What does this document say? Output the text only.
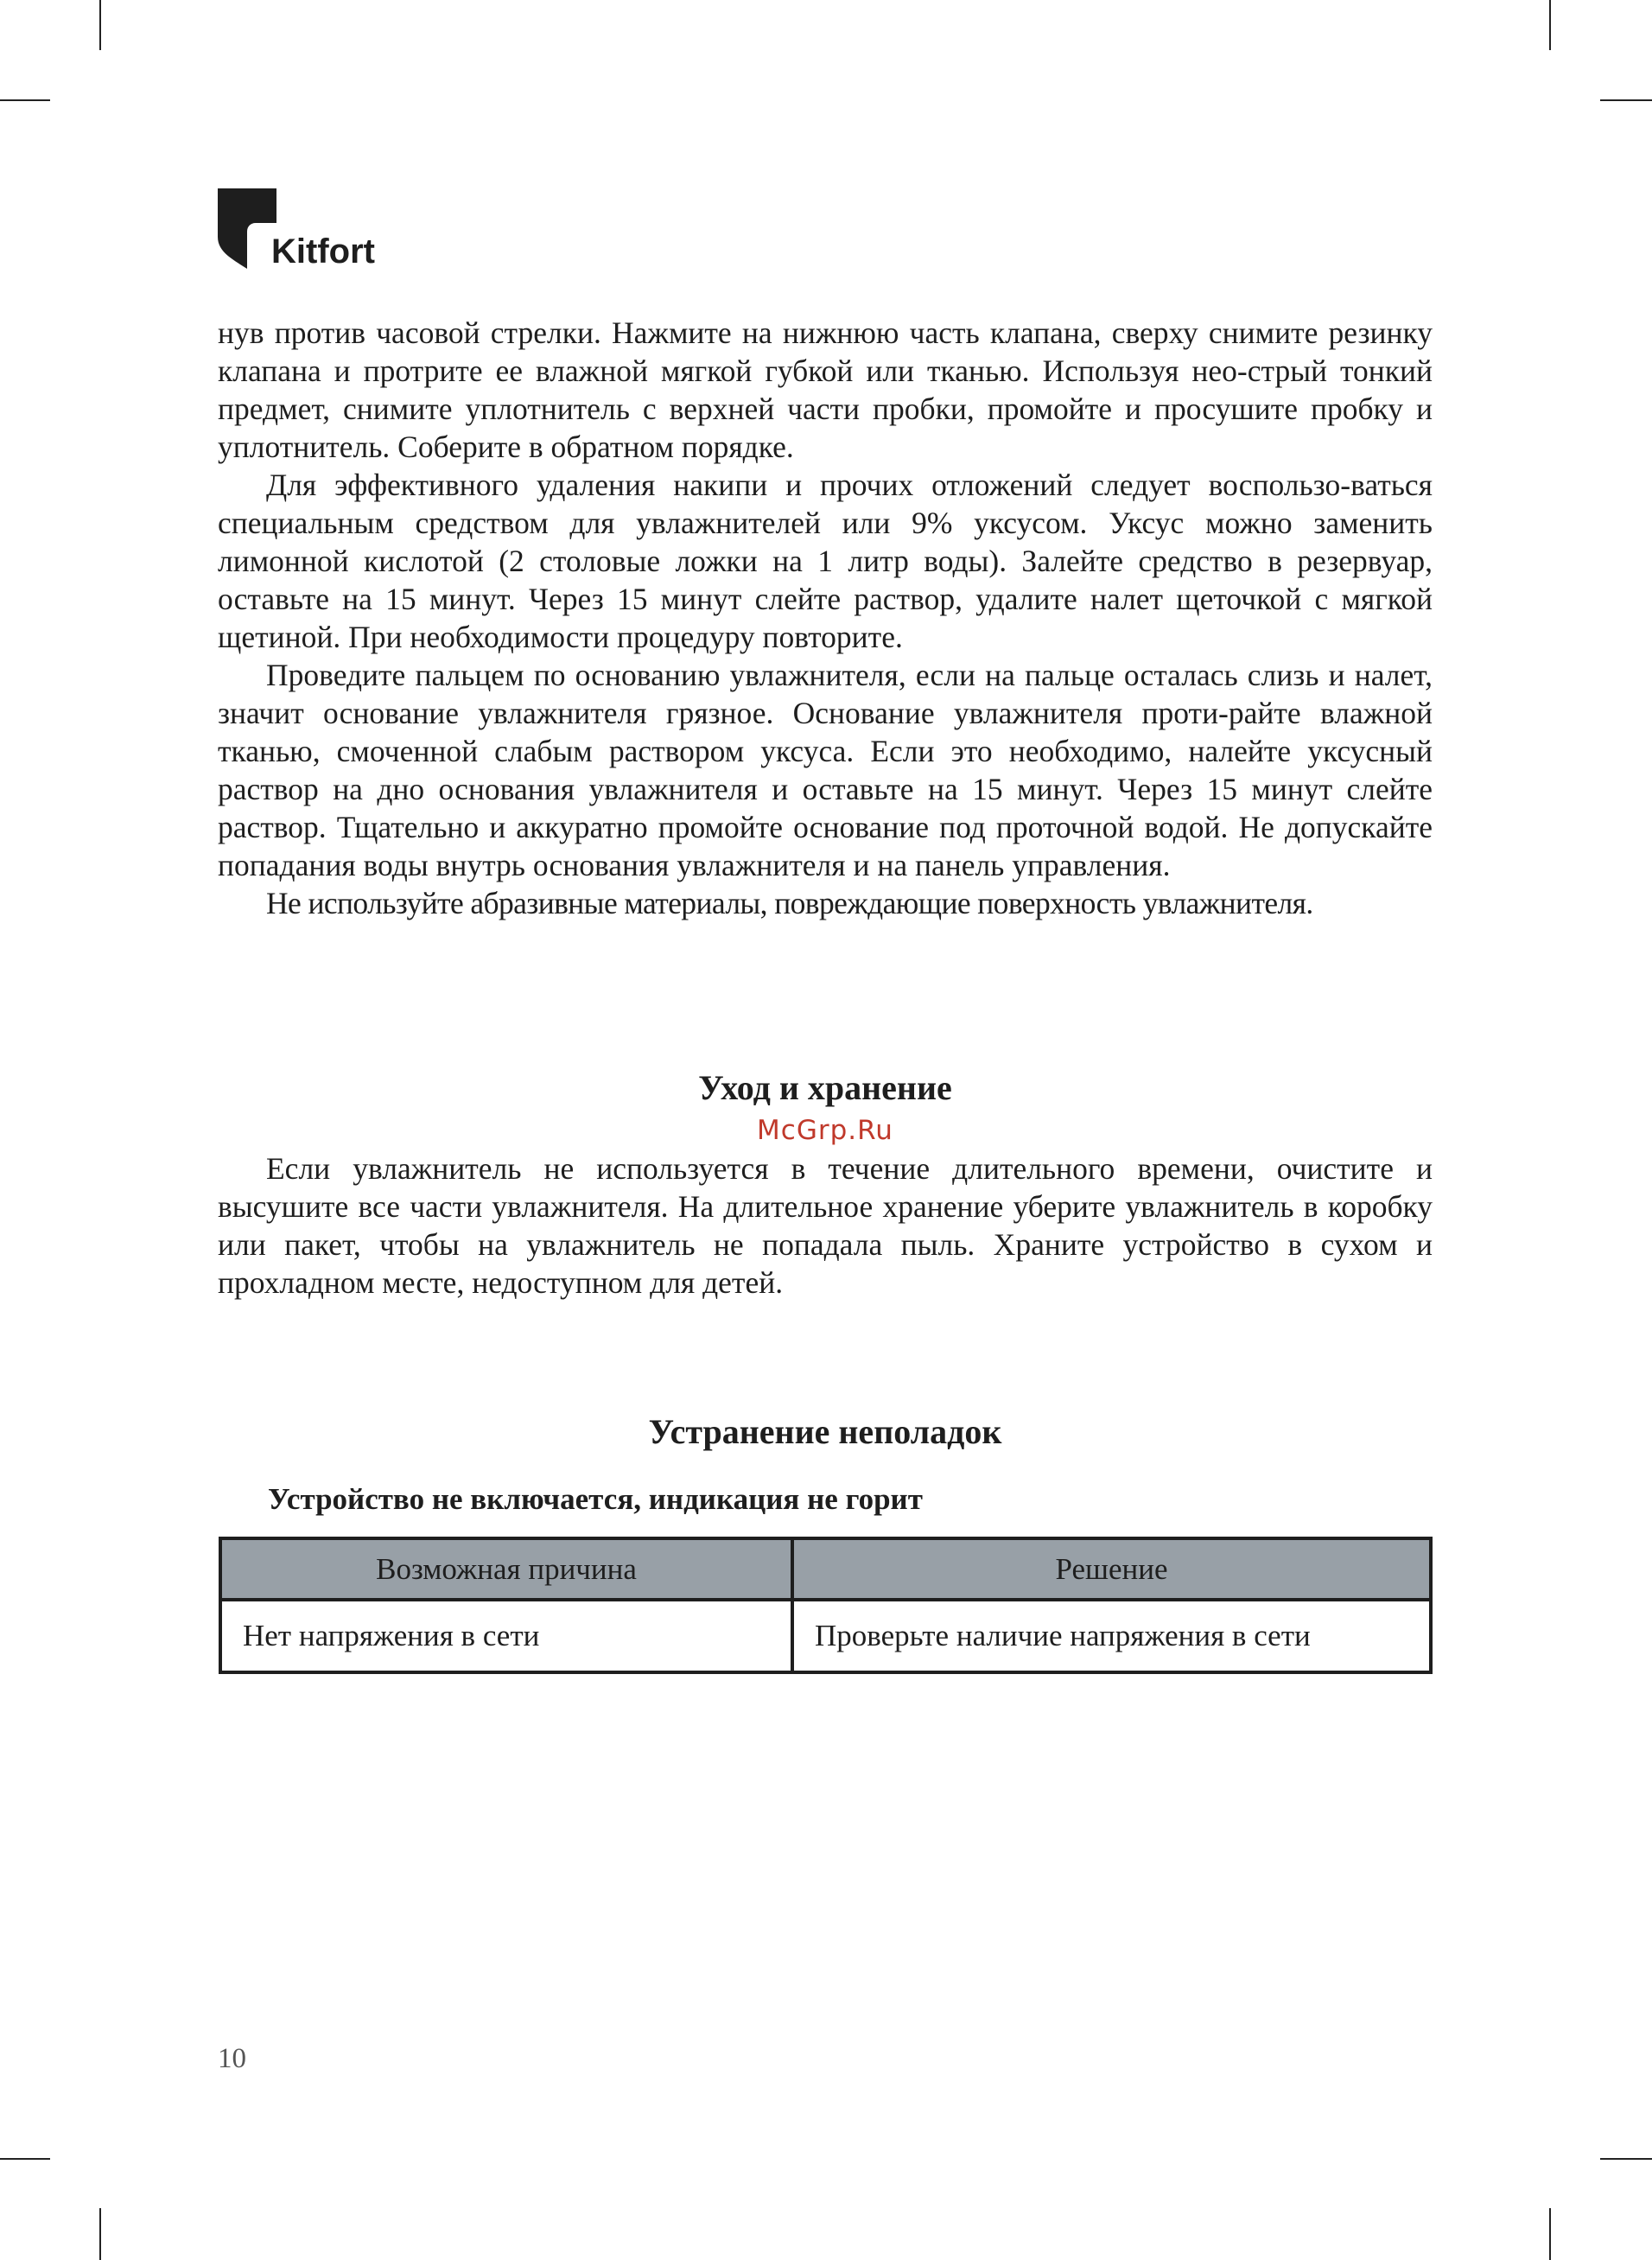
Kitfort

нув против часовой стрелки. Нажмите на нижнюю часть клапана, сверху снимите резинку клапана и протрите ее влажной мягкой губкой или тканью. Используя нео-стрый тонкий предмет, снимите уплотнитель с верхней части пробки, промойте и просушите пробку и уплотнитель. Соберите в обратном порядке.

Для эффективного удаления накипи и прочих отложений следует воспользо-ваться специальным средством для увлажнителей или 9% уксусом. Уксус можно заменить лимонной кислотой (2 столовые ложки на 1 литр воды). Залейте средство в резервуар, оставьте на 15 минут. Через 15 минут слейте раствор, удалите налет щеточкой с мягкой щетиной. При необходимости процедуру повторите.

Проведите пальцем по основанию увлажнителя, если на пальце осталась слизь и налет, значит основание увлажнителя грязное. Основание увлажнителя проти-райте влажной тканью, смоченной слабым раствором уксуса. Если это необходимо, налейте уксусный раствор на дно основания увлажнителя и оставьте на 15 минут. Через 15 минут слейте раствор. Тщательно и аккуратно промойте основание под проточной водой. Не допускайте попадания воды внутрь основания увлажнителя и на панель управления.

Не используйте абразивные материалы, повреждающие поверхность увлажнителя.

Уход и хранение
McGrp.Ru

Если увлажнитель не используется в течение длительного времени, очистите и высушите все части увлажнителя. На длительное хранение уберите увлажнитель в коробку или пакет, чтобы на увлажнитель не попадала пыль. Храните устройство в сухом и прохладном месте, недоступном для детей.

Устранение неполадок

Устройство не включается, индикация не горит

Возможная причина	Решение
Нет напряжения в сети	Проверьте наличие напряжения в сети
10
